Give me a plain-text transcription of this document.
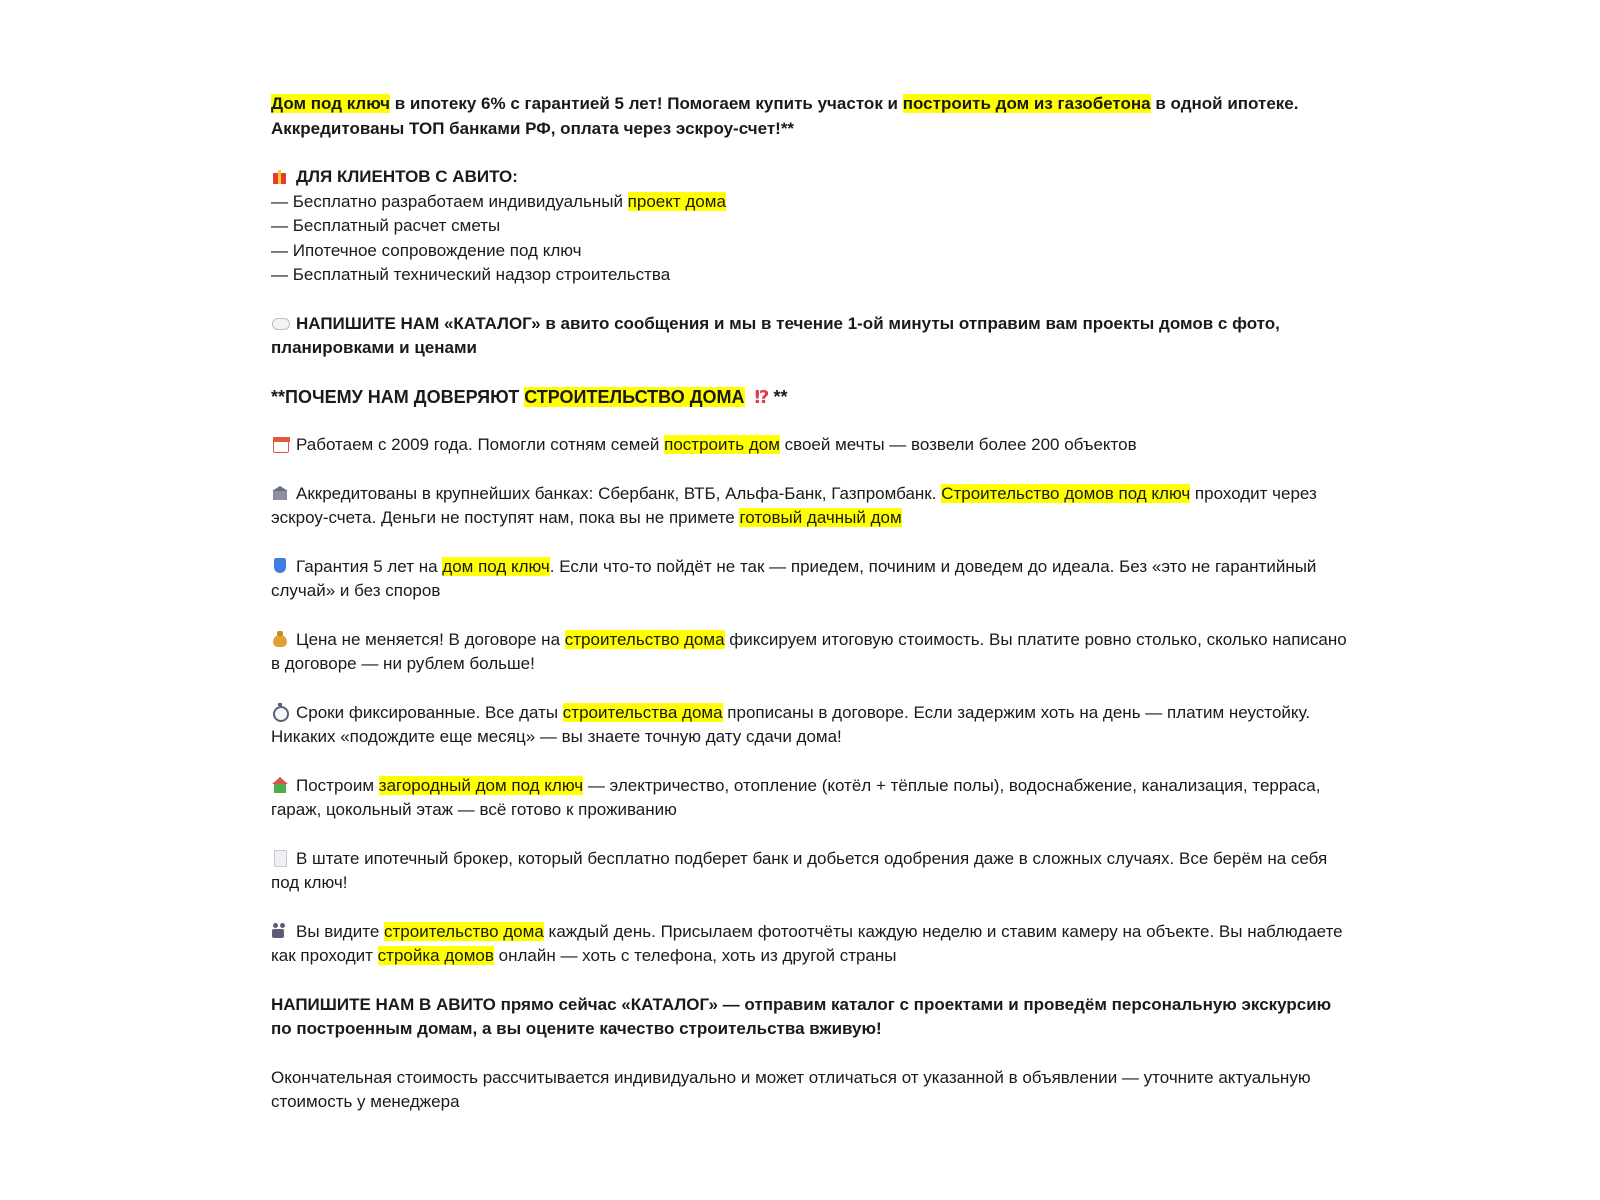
Дом под ключ в ипотеку 6% с гарантией 5 лет! Помогаем купить участок и построить дом из газобетона в одной ипотеке. Аккредитованы ТОП банками РФ, оплата через эскроу-счет!**

ДЛЯ КЛИЕНТОВ С АВИТО:
— Бесплатно разработаем индивидуальный проект дома
— Бесплатный расчет сметы
— Ипотечное сопровождение под ключ
— Бесплатный технический надзор строительства

НАПИШИТЕ НАМ «КАТАЛОГ» в авито сообщения и мы в течение 1-ой минуты отправим вам проекты домов с фото, планировками и ценами

**ПОЧЕМУ НАМ ДОВЕРЯЮТ СТРОИТЕЛЬСТВО ДОМА ⁉ **

Работаем с 2009 года. Помогли сотням семей построить дом своей мечты — возвели более 200 объектов

Аккредитованы в крупнейших банках: Сбербанк, ВТБ, Альфа-Банк, Газпромбанк. Строительство домов под ключ проходит через эскроу-счета. Деньги не поступят нам, пока вы не примете готовый дачный дом

Гарантия 5 лет на дом под ключ. Если что-то пойдёт не так — приедем, починим и доведем до идеала. Без «это не гарантийный случай» и без споров

Цена не меняется! В договоре на строительство дома фиксируем итоговую стоимость. Вы платите ровно столько, сколько написано в договоре — ни рублем больше!

Сроки фиксированные. Все даты строительства дома прописаны в договоре. Если задержим хоть на день — платим неустойку. Никаких «подождите еще месяц» — вы знаете точную дату сдачи дома!

Построим загородный дом под ключ — электричество, отопление (котёл + тёплые полы), водоснабжение, канализация, терраса, гараж, цокольный этаж — всё готово к проживанию

В штате ипотечный брокер, который бесплатно подберет банк и добьется одобрения даже в сложных случаях. Все берём на себя под ключ!

Вы видите строительство дома каждый день. Присылаем фотоотчёты каждую неделю и ставим камеру на объекте. Вы наблюдаете как проходит стройка домов онлайн — хоть с телефона, хоть из другой страны

НАПИШИТЕ НАМ В АВИТО прямо сейчас «КАТАЛОГ» — отправим каталог с проектами и проведём персональную экскурсию по построенным домам, а вы оцените качество строительства вживую!

Окончательная стоимость рассчитывается индивидуально и может отличаться от указанной в объявлении — уточните актуальную стоимость у менеджера
